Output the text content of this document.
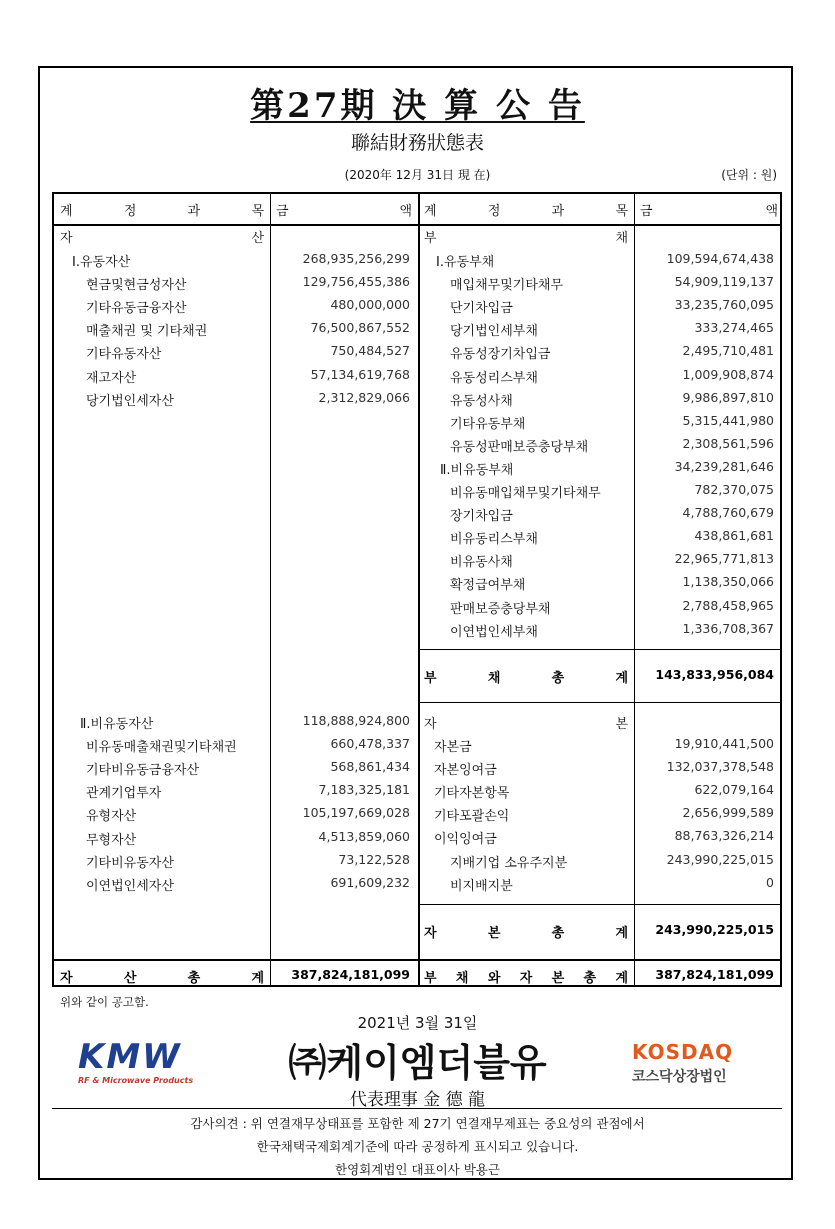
第27期 決 算 公 告
聯結財務狀態表
(2020年 12月 31日 現 在)	(단위 : 원)
계	정	과	목 금	액 계	정	과	목 금	액
자	산	부	채
자	본
Ⅰ.유동자산	268,935,256,299
현금및현금성자산	129,756,455,386
기타유동금융자산	480,000,000
매출채권 및 기타채권	76,500,867,552
기타유동자산	750,484,527
재고자산	57,134,619,768
당기법인세자산	2,312,829,066
Ⅱ.비유동자산	118,888,924,800
비유동매출채권및기타채권	660,478,337
기타비유동금융자산	568,861,434
관계기업투자	7,183,325,181
유형자산	105,197,669,028
무형자산	4,513,859,060
기타비유동자산	73,122,528
이연법인세자산	691,609,232
Ⅰ.유동부채	109,594,674,438
매입채무및기타채무	54,909,119,137
단기차입금	33,235,760,095
당기법인세부채	333,274,465
유동성장기차입금	2,495,710,481
유동성리스부채	1,009,908,874
유동성사채	9,986,897,810
기타유동부채	5,315,441,980
유동성판매보증충당부채	2,308,561,596
Ⅱ.비유동부채	34,239,281,646
비유동매입채무및기타채무	782,370,075
장기차입금	4,788,760,679
비유동리스부채	438,861,681
비유동사채	22,965,771,813
확정급여부채	1,138,350,066
판매보증충당부채	2,788,458,965
이연법인세부채	1,336,708,367
자본금	19,910,441,500
자본잉여금	132,037,378,548
기타자본항목	622,079,164
기타포괄손익	2,656,999,589
이익잉여금	88,763,326,214
지배기업 소유주지분	243,990,225,015
비지배지분	0
부	채	총	계	143,833,956,084
자	본	총	계	243,990,225,015
자	산	총	계	387,824,181,099 부 채 와 자 본 총 계	387,824,181,099
위와 같이 공고함.
2021년 3월 31일
KMW
RF & Microwave Products	㈜케이엠더블유	KOSDAQ
코스닥상장법인
代表理事 金 德 龍
감사의견 : 위 연결재무상태표를 포함한 제 27기 연결재무제표는 중요성의 관점에서
한국채택국제회계기준에 따라 공정하게 표시되고 있습니다.
한영회계법인 대표이사 박용근
